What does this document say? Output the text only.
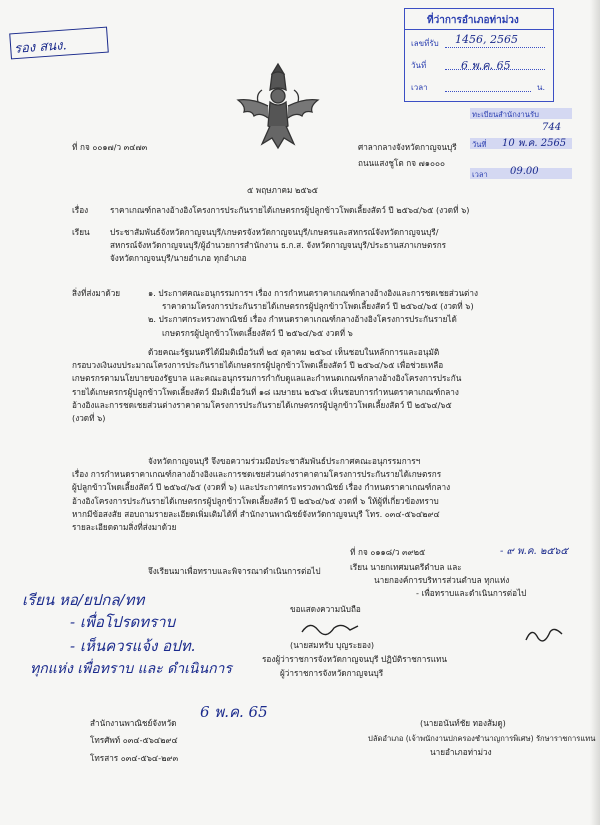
รอง สนง.
ที่ว่าการอำเภอท่าม่วง
เลขที่รับ 1456, 2565
วันที่	6 พ.ค. 65
เวลา	น.
ที่ กจ ๐๐๑๗/ว ๓๔๗๓	ศาลากลางจังหวัดกาญจนบุรี
ถนนแสงชูโต กจ ๗๑๐๐๐
๕ พฤษภาคม ๒๕๖๕
ทะเบียนสำนักงานรับ
744
วันที่ 10 พ.ค. 2565
เวลา 09.00
เรื่อง	ราคาเกณฑ์กลางอ้างอิงโครงการประกันรายได้เกษตรกรผู้ปลูกข้าวโพดเลี้ยงสัตว์ ปี ๒๕๖๔/๖๕ (งวดที่ ๖)
เรียน ประชาสัมพันธ์จังหวัดกาญจนบุรี/เกษตรจังหวัดกาญจนบุรี/เกษตรและสหกรณ์จังหวัดกาญจนบุรี/
สหกรณ์จังหวัดกาญจนบุรี/ผู้อำนวยการสำนักงาน ธ.ก.ส. จังหวัดกาญจนบุรี/ประธานสภาเกษตรกร
จังหวัดกาญจนบุรี/นายอำเภอ ทุกอำเภอ
สิ่งที่ส่งมาด้วย	๑. ประกาศคณะอนุกรรมการฯ เรื่อง การกำหนดราคาเกณฑ์กลางอ้างอิงและการชดเชยส่วนต่าง
ราคาตามโครงการประกันรายได้เกษตรกรผู้ปลูกข้าวโพดเลี้ยงสัตว์ ปี ๒๕๖๔/๖๕ (งวดที่ ๖)
๒. ประกาศกระทรวงพาณิชย์ เรื่อง กำหนดราคาเกณฑ์กลางอ้างอิงโครงการประกันรายได้
เกษตรกรผู้ปลูกข้าวโพดเลี้ยงสัตว์ ปี ๒๕๖๔/๖๕ งวดที่ ๖
ด้วยคณะรัฐมนตรีได้มีมติเมื่อวันที่ ๒๕ ตุลาคม ๒๕๖๔ เห็นชอบในหลักการและอนุมัติ
กรอบวงเงินงบประมาณโครงการประกันรายได้เกษตรกรผู้ปลูกข้าวโพดเลี้ยงสัตว์ ปี ๒๕๖๔/๖๕ เพื่อช่วยเหลือ
เกษตรกรตามนโยบายของรัฐบาล และคณะอนุกรรมการกำกับดูแลและกำหนดเกณฑ์กลางอ้างอิงโครงการประกัน
รายได้เกษตรกรผู้ปลูกข้าวโพดเลี้ยงสัตว์ มีมติเมื่อวันที่ ๑๘ เมษายน ๒๕๖๕ เห็นชอบการกำหนดราคาเกณฑ์กลาง
อ้างอิงและการชดเชยส่วนต่างราคาตามโครงการประกันรายได้เกษตรกรผู้ปลูกข้าวโพดเลี้ยงสัตว์ ปี ๒๕๖๔/๖๕
(งวดที่ ๖)
จังหวัดกาญจนบุรี จึงขอความร่วมมือประชาสัมพันธ์ประกาศคณะอนุกรรมการฯ
เรื่อง การกำหนดราคาเกณฑ์กลางอ้างอิงและการชดเชยส่วนต่างราคาตามโครงการประกันรายได้เกษตรกร
ผู้ปลูกข้าวโพดเลี้ยงสัตว์ ปี ๒๕๖๔/๖๕ (งวดที่ ๖) และประกาศกระทรวงพาณิชย์ เรื่อง กำหนดราคาเกณฑ์กลาง
อ้างอิงโครงการประกันรายได้เกษตรกรผู้ปลูกข้าวโพดเลี้ยงสัตว์ ปี ๒๕๖๔/๖๕ งวดที่ ๖ ให้ผู้ที่เกี่ยวข้องทราบ
หากมีข้อสงสัย สอบถามรายละเอียดเพิ่มเติมได้ที่ สำนักงานพาณิชย์จังหวัดกาญจนบุรี โทร. ๐๓๔-๕๖๔๒๙๔
รายละเอียดตามสิ่งที่ส่งมาด้วย
ที่ กจ ๐๑๑๘/ว ๓๙๒๕	- ๙ พ.ค. ๒๕๖๕
เรียน นายกเทศมนตรีตำบล และ
นายกองค์การบริหารส่วนตำบล ทุกแห่ง
- เพื่อทราบและดำเนินการต่อไป
จึงเรียนมาเพื่อทราบและพิจารณาดำเนินการต่อไป
เรียน หอ/ยปกล/ทท
- เพื่อโปรดทราบ
- เห็นควรแจ้ง อปท.
ทุกแห่ง เพื่อทราบ และ ดำเนินการ
6 พ.ค. 65
ขอแสดงความนับถือ
(นายสมหรับ บุญระยอง)
รองผู้ว่าราชการจังหวัดกาญจนบุรี ปฏิบัติราชการแทน
ผู้ว่าราชการจังหวัดกาญจนบุรี
(นายอนันท์ชัย ทองส้มดู)
ปลัดอำเภอ (เจ้าพนักงานปกครองชำนาญการพิเศษ) รักษาราชการแทน
นายอำเภอท่าม่วง
สำนักงานพาณิชย์จังหวัด
โทรศัพท์ ๐๓๔-๕๖๔๒๙๔
โทรสาร ๐๓๔-๕๖๔-๒๙๓
